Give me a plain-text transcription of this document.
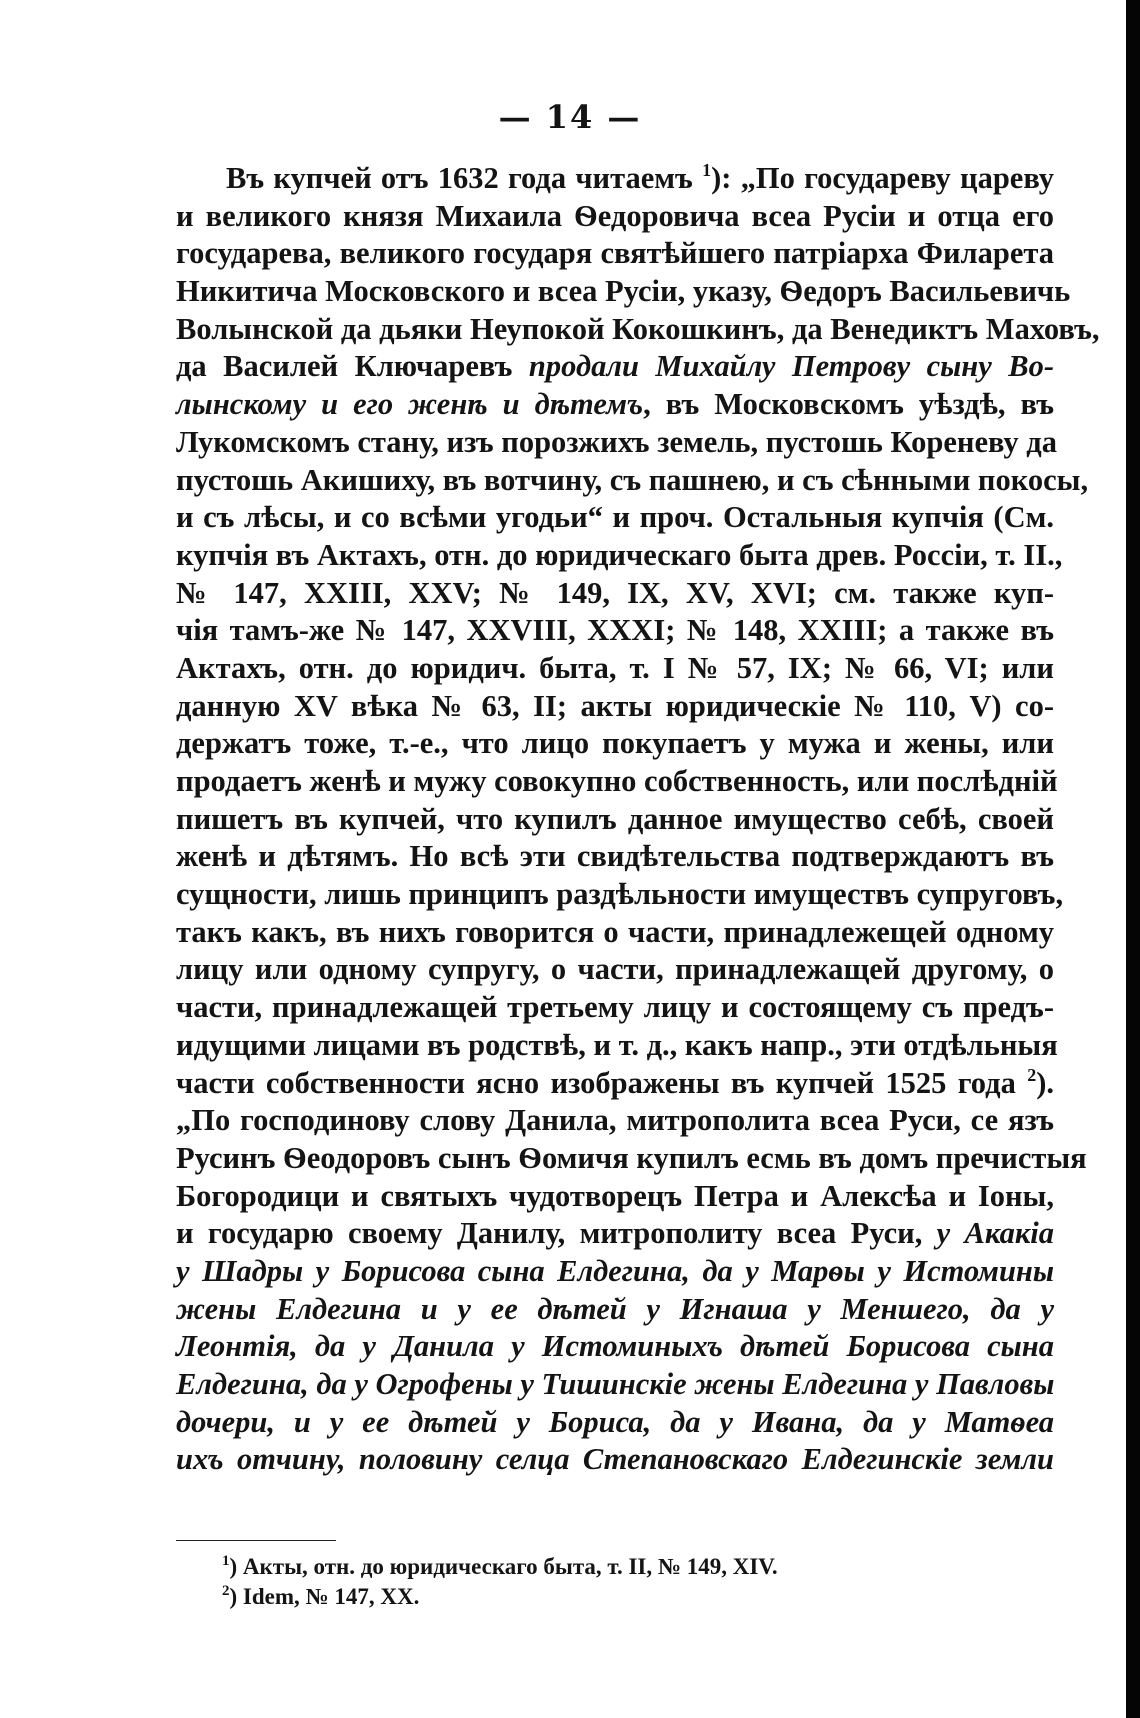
— 14 —
Въ купчей отъ 1632 года читаемъ $^1$): „По государеву цареву
и великого князя Михаила Ѳедоровича всеа Русiи и отца его
государева, великого государя святѣйшего патрiарха Филарета
Никитича Московского и всеа Русiи, указу, Ѳедоръ Васильевичь
Волынской да дьяки Неупокой Кокошкинъ, да Венедиктъ Маховъ,
да Василей Ключаревъ продали Михайлу Петрову сыну Во-
лынскому и его женѣ и дѣтемъ, въ Московскомъ уѣздѣ, въ
Лукомскомъ стану, изъ порозжихъ земель, пустошь Кореневу да
пустошь Акишиху, въ вотчину, съ пашнею, и съ сѣнными покосы,
и съ лѣсы, и со всѣми угодьи“ и проч. Остальныя купчiя (См.
купчiя въ Актахъ, отн. до юридическаго быта древ. Россiи, т. II.,
№ 147, XXIII, XXV; № 149, IX, XV, XVI; см. также куп-
чiя тамъ-же № 147, XXVIII, XXXI; № 148, XXIII; а также въ
Актахъ, отн. до юридич. быта, т. I № 57, IX; № 66, VI; или
данную XV вѣка № 63, II; акты юридическiе № 110, V) со-
держатъ тоже, т.-е., что лицо покупаетъ у мужа и жены, или
продаетъ женѣ и мужу совокупно собственность, или послѣднiй
пишетъ въ купчей, что купилъ данное имущество себѣ, своей
женѣ и дѣтямъ. Но всѣ эти свидѣтельства подтверждаютъ въ
сущности, лишь принципъ раздѣльности имуществъ супруговъ,
такъ какъ, въ нихъ говорится о части, принадлежещей одному
лицу или одному супругу, о части, принадлежащей другому, о
части, принадлежащей третьему лицу и состоящему съ предъ-
идущими лицами въ родствѣ, и т. д., какъ напр., эти отдѣльныя
части собственности ясно изображены въ купчей 1525 года $^2$).
„По господинову слову Данила, митрополита всеа Руси, се язъ
Русинъ Ѳеодоровъ сынъ Ѳомичя купилъ есмь въ домъ пречистыя
Богородици и святыхъ чудотворецъ Петра и Алексѣа и Iоны,
и государю своему Данилу, митрополиту всеа Руси, у Акакiа
у Шадры у Борисова сына Елдегина, да у Марѳы у Истомины
жены Елдегина и у ее дѣтей у Игнаша у Меншего, да у
Леонтiя, да у Данила у Истоминыхъ дѣтей Борисова сына
Елдегина, да у Огрофены у Тишинскiе жены Елдегина у Павловы
дочери, и у ее дѣтей у Бориса, да у Ивана, да у Матѳеа
ихъ отчину, половину селца Степановскаго Елдегинскiе земли
$^1$) Акты, отн. до юридическаго быта, т. II, № 149, XIV.
$^2$) Idem, № 147, XX.
